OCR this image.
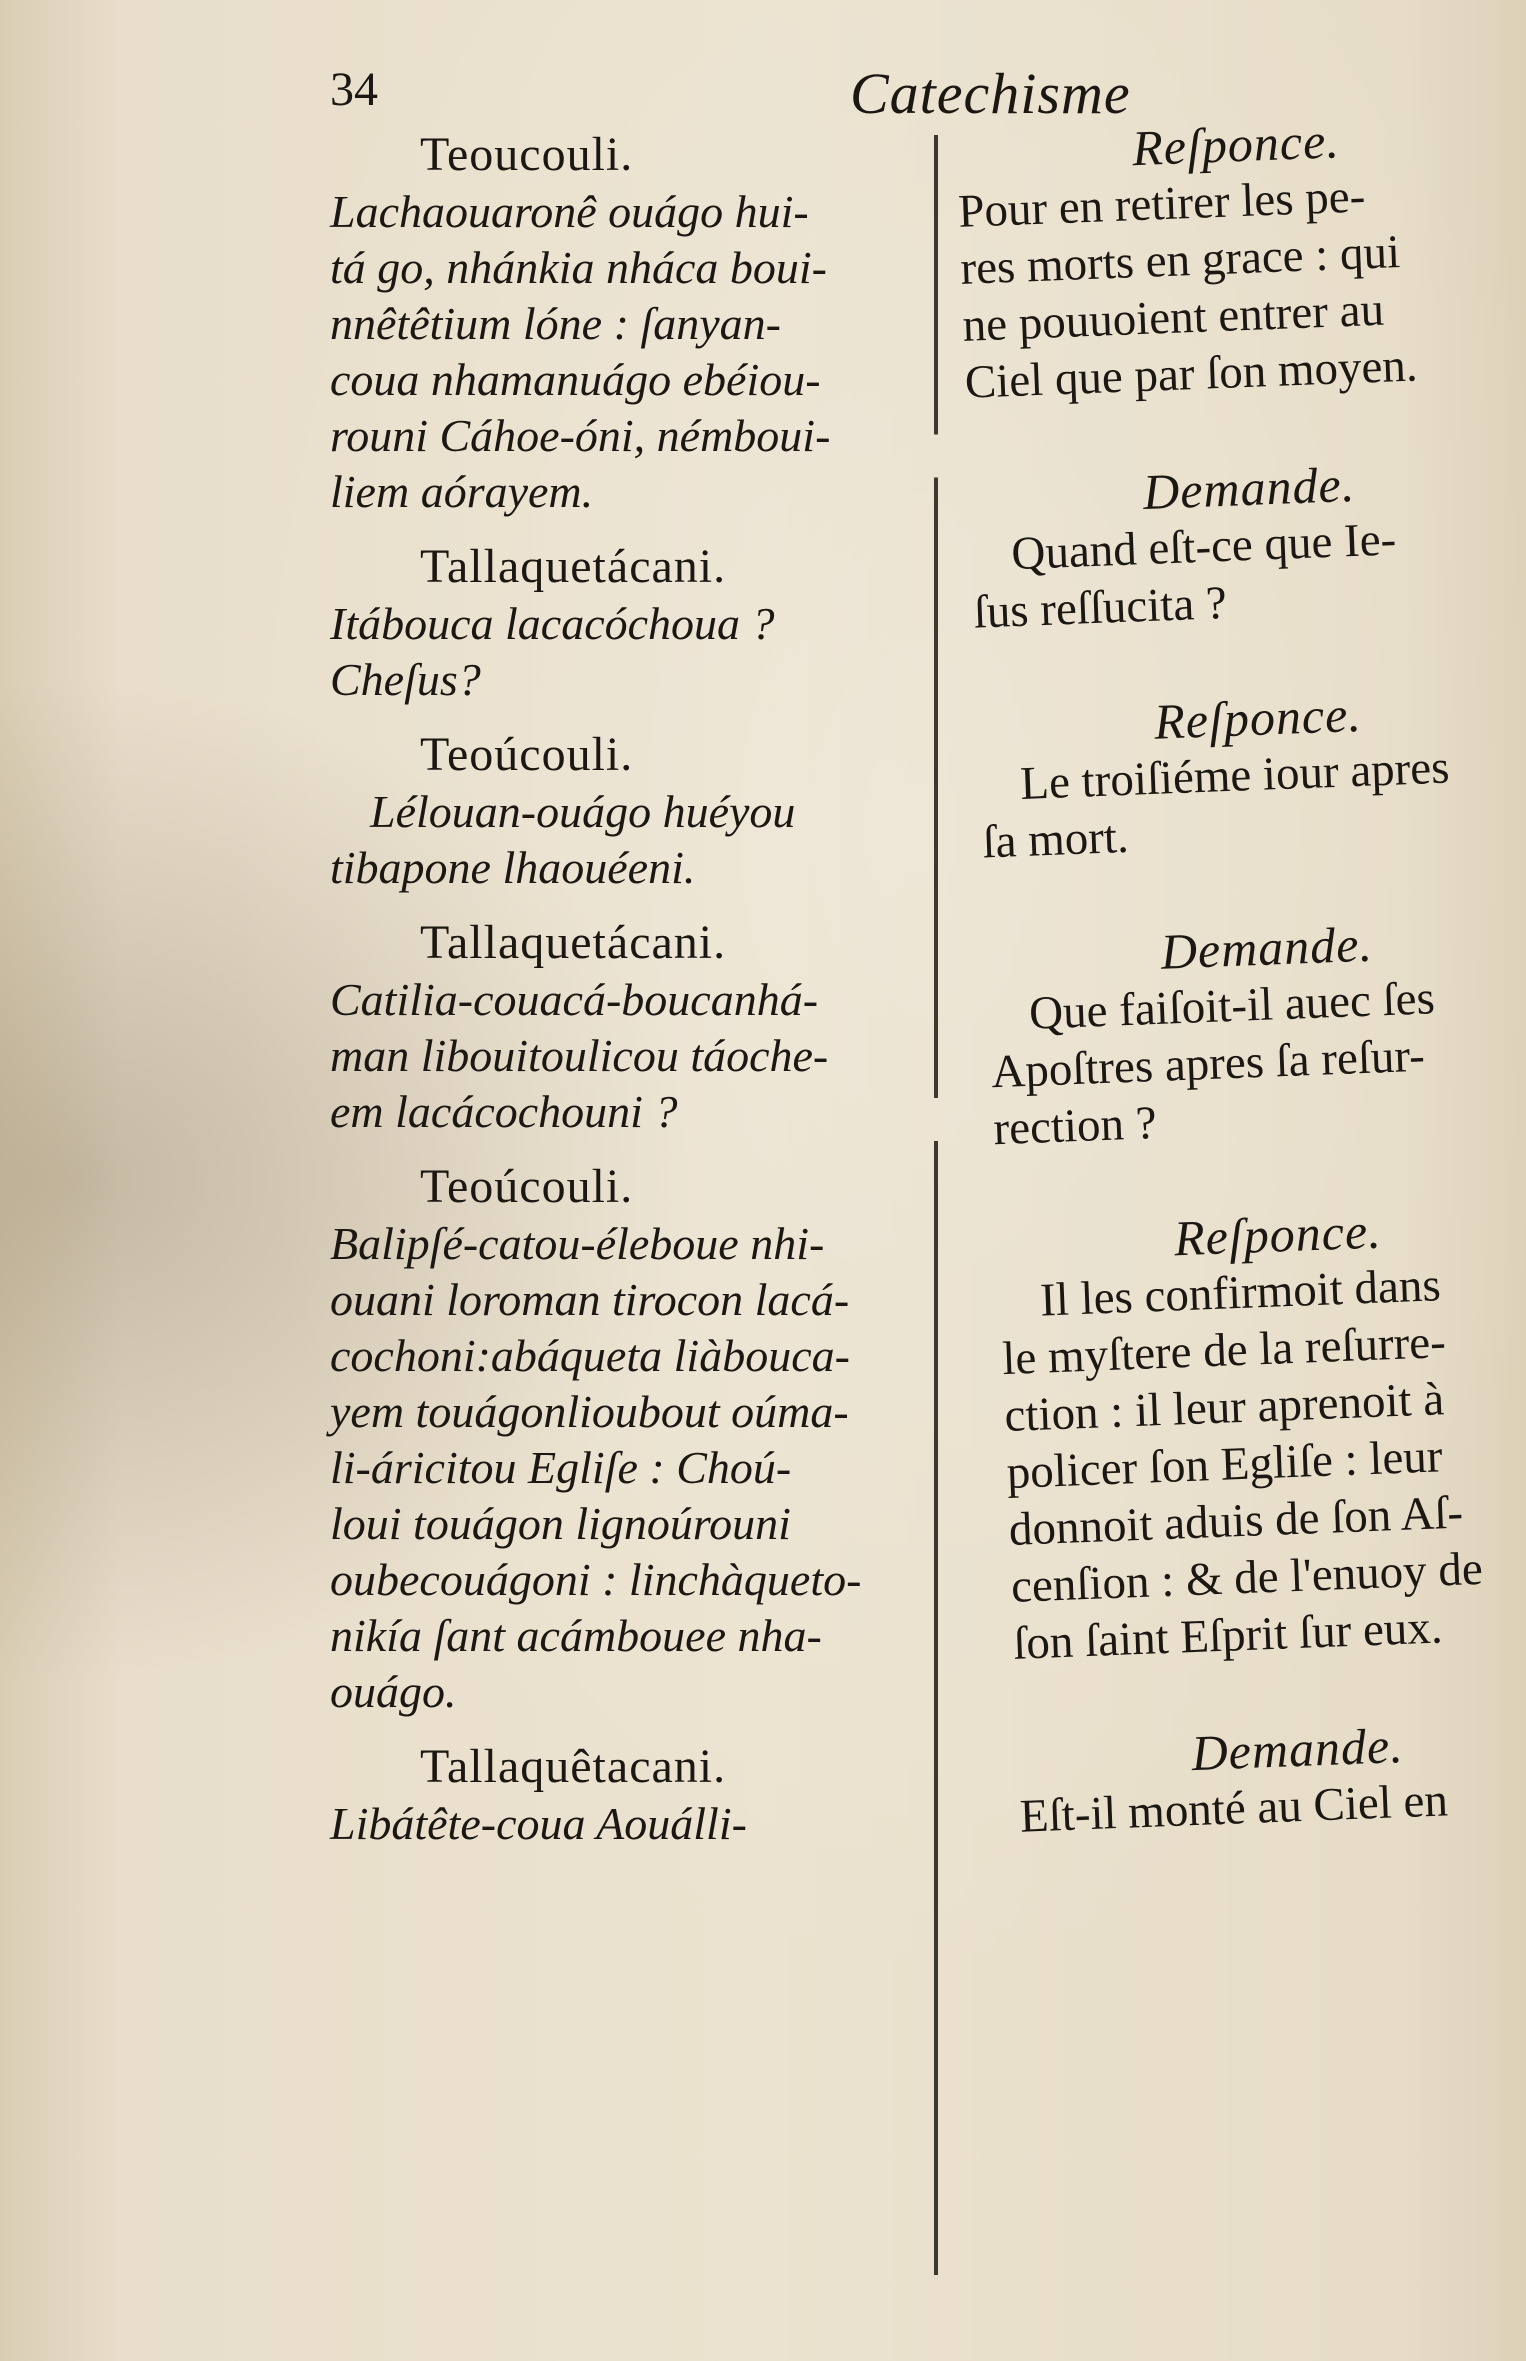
34	Catechisme
Teoucouli.
Lachaouaronê ouágo hui-
tá go, nhánkia nháca boui-
nnêtêtium lóne : ſanyan-
coua nhamanuágo ebéiou-
rouni Cáhoe-óni, némboui-
liem aórayem.
Tallaquetácani.
Itábouca lacacóchoua ?
Cheſus?
Teoúcouli.
Lélouan-ouágo huéyou
tibapone lhaouéeni.
Tallaquetácani.
Catilia-couacá-boucanhá-
man libouitoulicou táoche-
em lacácochouni ?
Teoúcouli.
Balipſé-catou-éleboue nhi-
ouani loroman tirocon lacá-
cochoni:abáqueta liàbouca-
yem touágonlioubout oúma-
li-áricitou Egliſe : Choú-
loui touágon lignoúrouni
oubecouágoni : linchàqueto-
nikía ſant acámbouee nha-
ouágo.
Tallaquêtacani.
Libátête-coua Aouálli-
Reſponce.
Pour en retirer les pe-
res morts en grace : qui
ne pouuoient entrer au
Ciel que par ſon moyen.
Demande.
Quand eſt-ce que Ie-
ſus reſſucita ?
Reſponce.
Le troiſiéme iour apres
ſa mort.
Demande.
Que faiſoit-il auec ſes
Apoſtres apres ſa reſur-
rection ?
Reſponce.
Il les confirmoit dans
le myſtere de la reſurre-
ction : il leur aprenoit à
policer ſon Egliſe : leur
donnoit aduis de ſon Aſ-
cenſion : & de l'enuoy de
ſon ſaint Eſprit ſur eux.
Demande.
Eſt-il monté au Ciel en
